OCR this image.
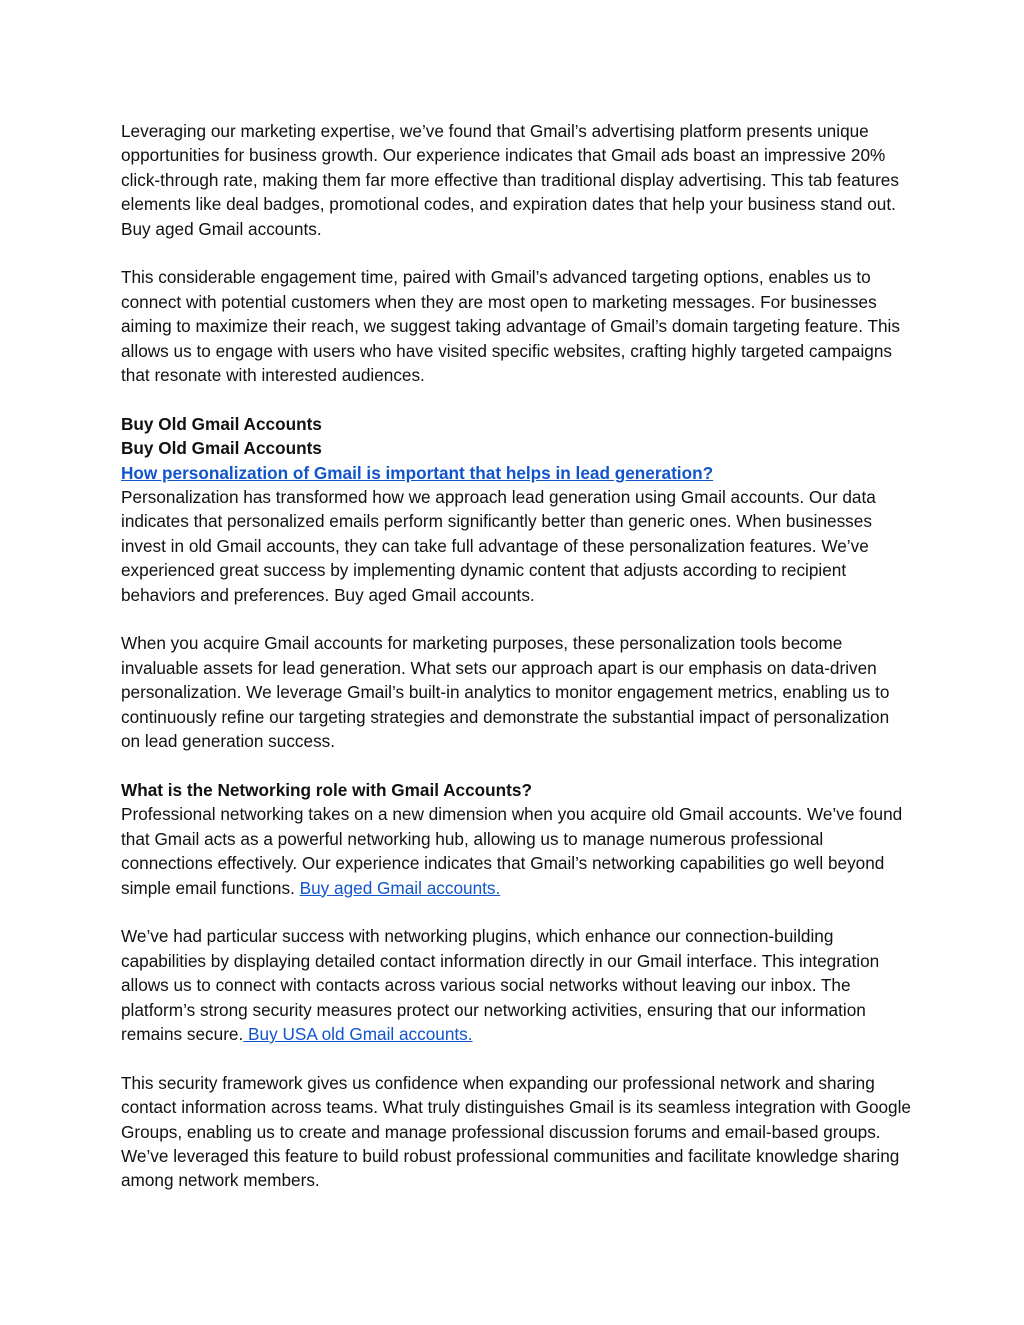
Leveraging our marketing expertise, we’ve found that Gmail’s advertising platform presents unique opportunities for business growth. Our experience indicates that Gmail ads boast an impressive 20% click-through rate, making them far more effective than traditional display advertising. This tab features elements like deal badges, promotional codes, and expiration dates that help your business stand out. Buy aged Gmail accounts.

This considerable engagement time, paired with Gmail’s advanced targeting options, enables us to connect with potential customers when they are most open to marketing messages. For businesses aiming to maximize their reach, we suggest taking advantage of Gmail’s domain targeting feature. This allows us to engage with users who have visited specific websites, crafting highly targeted campaigns that resonate with interested audiences.

Buy Old Gmail Accounts

Buy Old Gmail Accounts

How personalization of Gmail is important that helps in lead generation?

Personalization has transformed how we approach lead generation using Gmail accounts. Our data indicates that personalized emails perform significantly better than generic ones. When businesses invest in old Gmail accounts, they can take full advantage of these personalization features. We’ve experienced great success by implementing dynamic content that adjusts according to recipient behaviors and preferences. Buy aged Gmail accounts.

When you acquire Gmail accounts for marketing purposes, these personalization tools become invaluable assets for lead generation. What sets our approach apart is our emphasis on data-driven personalization. We leverage Gmail’s built-in analytics to monitor engagement metrics, enabling us to continuously refine our targeting strategies and demonstrate the substantial impact of personalization on lead generation success.

What is the Networking role with Gmail Accounts?

Professional networking takes on a new dimension when you acquire old Gmail accounts. We’ve found that Gmail acts as a powerful networking hub, allowing us to manage numerous professional connections effectively. Our experience indicates that Gmail’s networking capabilities go well beyond simple email functions. Buy aged Gmail accounts.

We’ve had particular success with networking plugins, which enhance our connection-building capabilities by displaying detailed contact information directly in our Gmail interface. This integration allows us to connect with contacts across various social networks without leaving our inbox. The platform’s strong security measures protect our networking activities, ensuring that our information remains secure. Buy USA old Gmail accounts.

This security framework gives us confidence when expanding our professional network and sharing contact information across teams. What truly distinguishes Gmail is its seamless integration with Google Groups, enabling us to create and manage professional discussion forums and email-based groups. We’ve leveraged this feature to build robust professional communities and facilitate knowledge sharing among network members.
